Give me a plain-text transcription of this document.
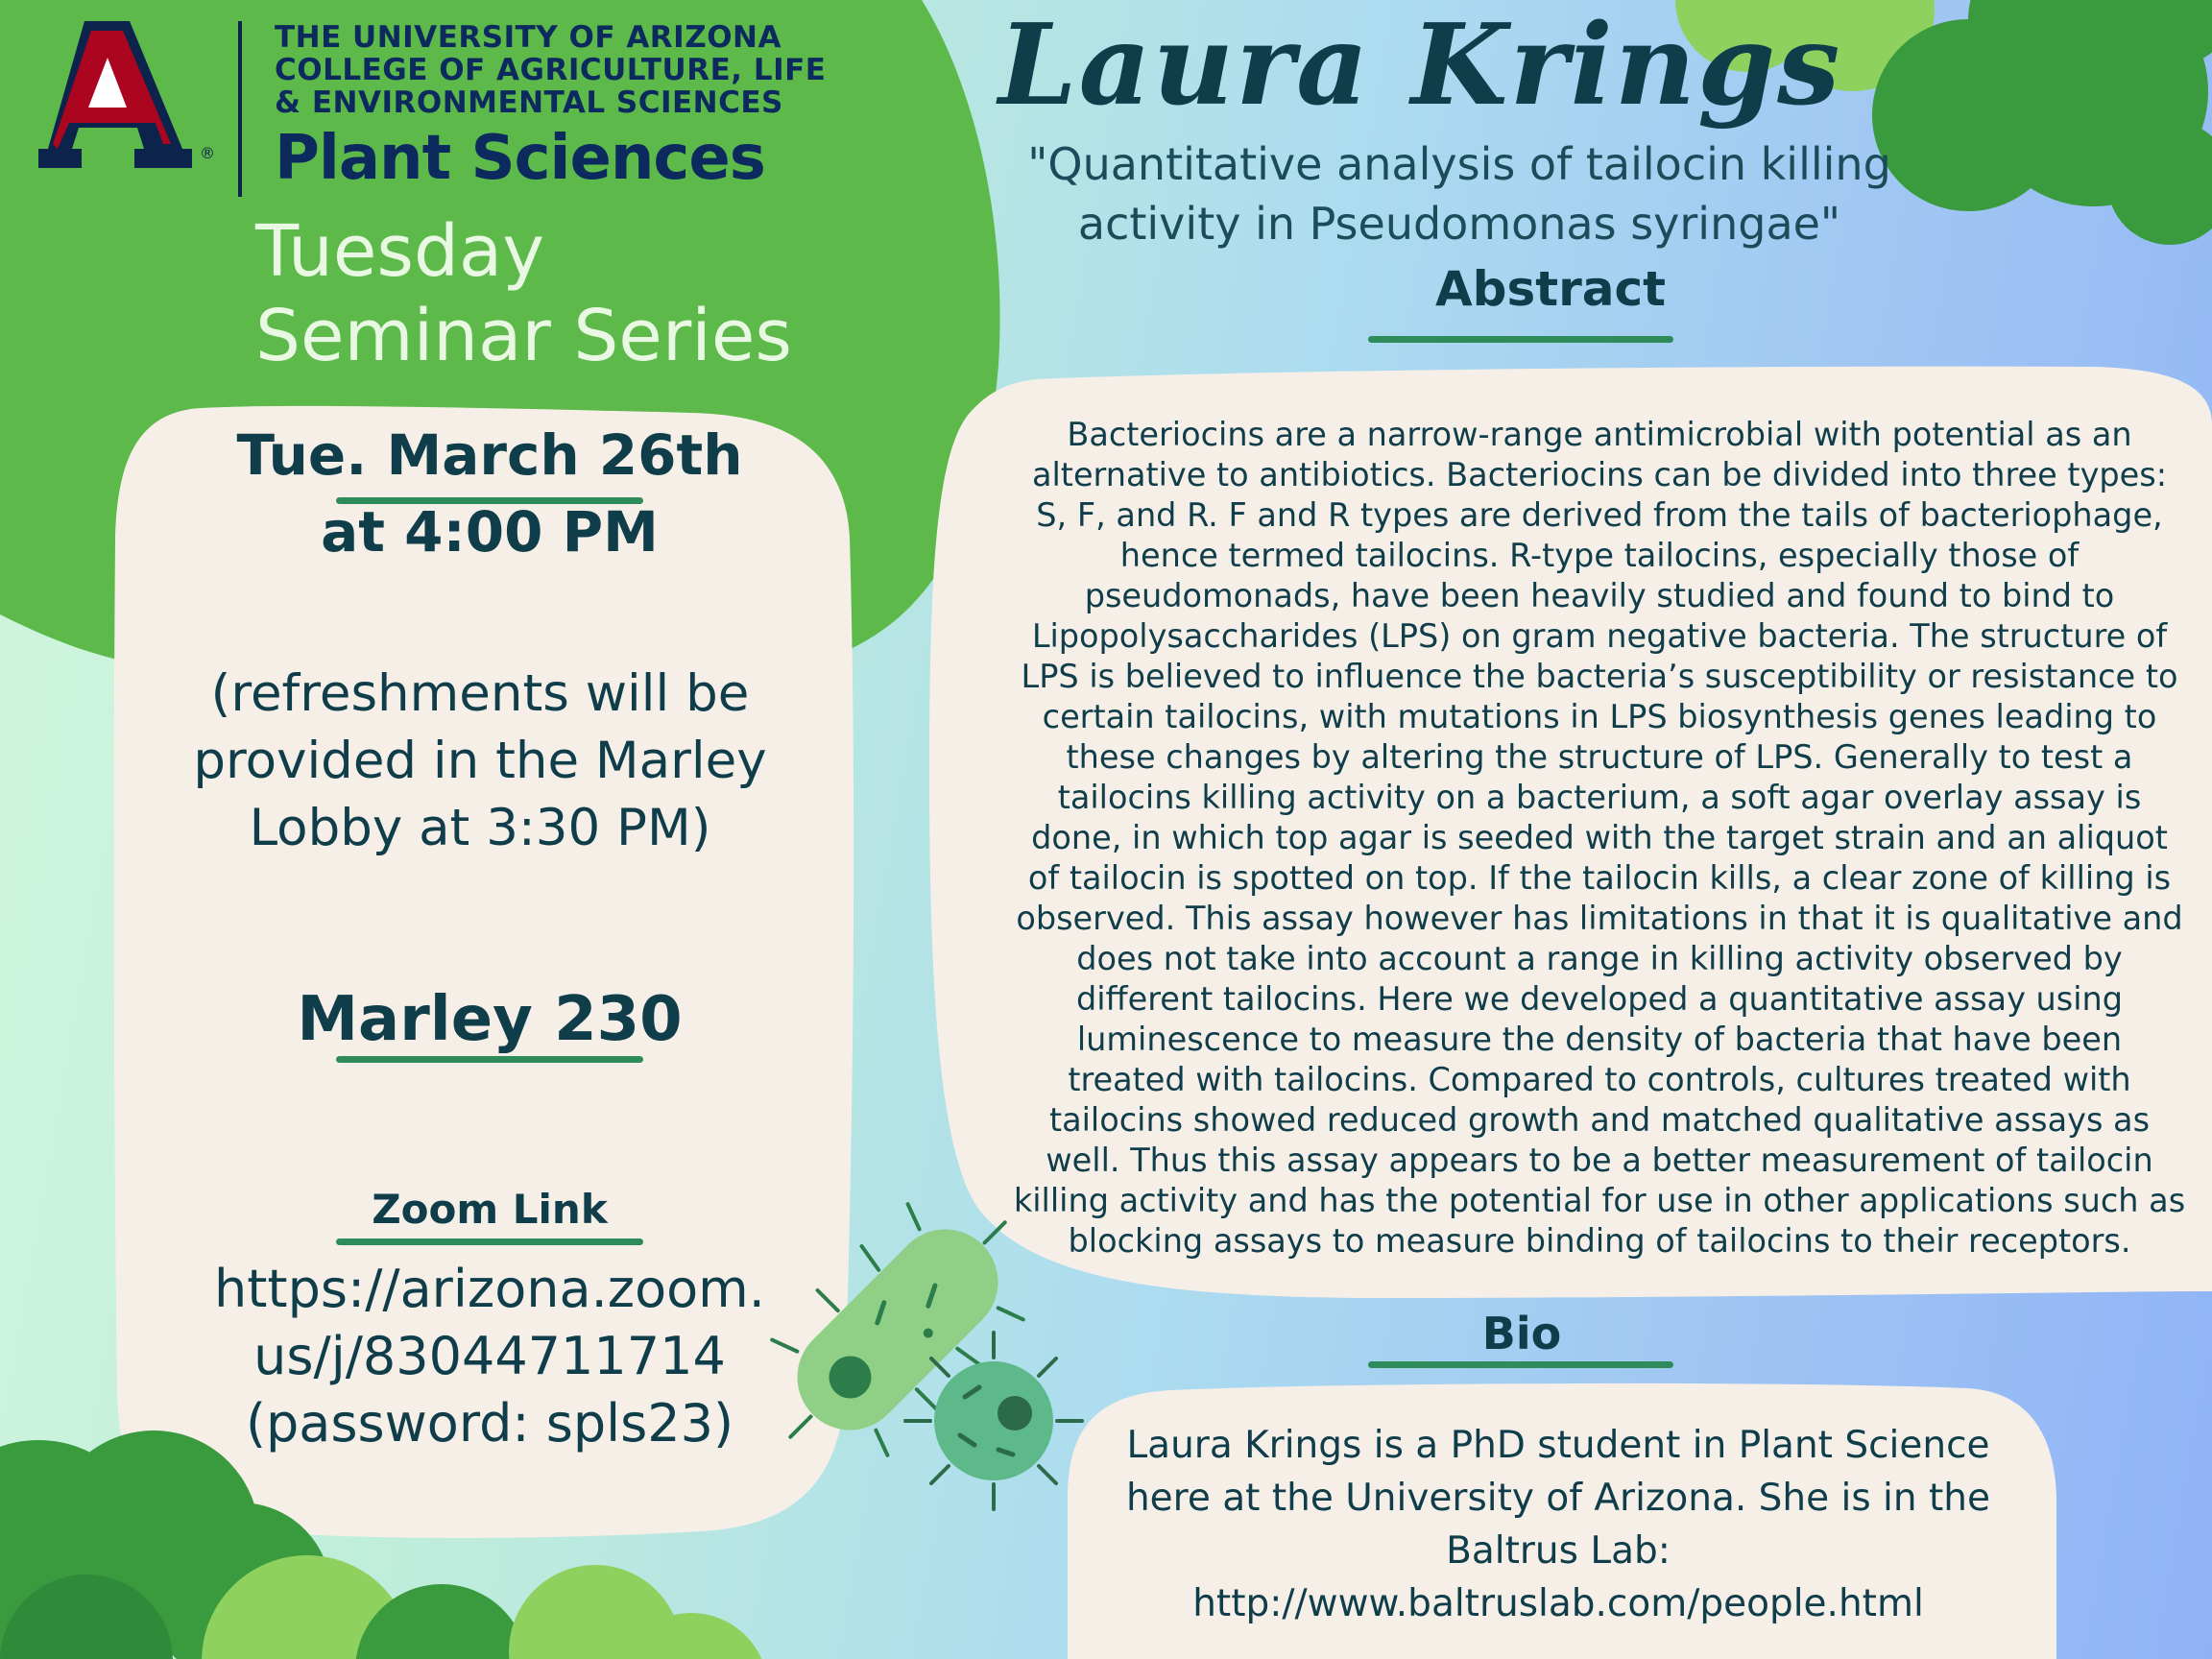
THE UNIVERSITY OF ARIZONA
COLLEGE OF AGRICULTURE, LIFE
& ENVIRONMENTAL SCIENCES
® Plant Sciences
Tuesday
Seminar Series
Laura Krings
"Quantitative analysis of tailocin killing
activity in Pseudomonas syringae"
Abstract
Tue. March 26th
at 4:00 PM
(refreshments will be
provided in the Marley
Lobby at 3:30 PM)
Marley 230
Zoom Link
https://arizona.zoom.
us/j/83044711714
(password: spls23)
Bacteriocins are a narrow-range antimicrobial with potential as an
alternative to antibiotics. Bacteriocins can be divided into three types:
S, F, and R. F and R types are derived from the tails of bacteriophage,
hence termed tailocins. R-type tailocins, especially those of
pseudomonads, have been heavily studied and found to bind to
Lipopolysaccharides (LPS) on gram negative bacteria. The structure of
LPS is believed to influence the bacteria’s susceptibility or resistance to
certain tailocins, with mutations in LPS biosynthesis genes leading to
these changes by altering the structure of LPS. Generally to test a
tailocins killing activity on a bacterium, a soft agar overlay assay is
done, in which top agar is seeded with the target strain and an aliquot
of tailocin is spotted on top. If the tailocin kills, a clear zone of killing is
observed. This assay however has limitations in that it is qualitative and
does not take into account a range in killing activity observed by
different tailocins. Here we developed a quantitative assay using
luminescence to measure the density of bacteria that have been
treated with tailocins. Compared to controls, cultures treated with
tailocins showed reduced growth and matched qualitative assays as
well. Thus this assay appears to be a better measurement of tailocin
killing activity and has the potential for use in other applications such as
blocking assays to measure binding of tailocins to their receptors.
Bio
Laura Krings is a PhD student in Plant Science
here at the University of Arizona. She is in the
Baltrus Lab:
http://www.baltruslab.com/people.html
